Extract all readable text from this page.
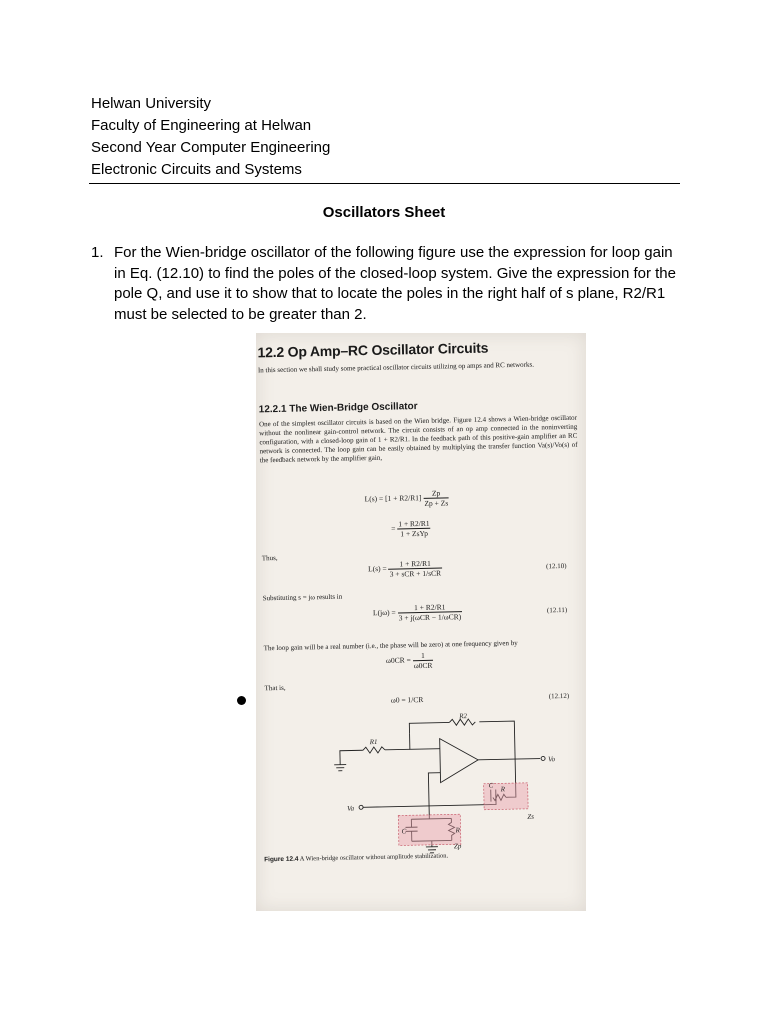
Helwan University
Faculty of Engineering at Helwan
Second Year Computer Engineering
Electronic Circuits and Systems
Oscillators Sheet
1. For the Wien-bridge oscillator of the following figure use the expression for loop gain in Eq. (12.10) to find the poles of the closed-loop system. Give the expression for the pole Q, and use it to show that to locate the poles in the right half of s plane, R2/R1 must be selected to be greater than 2.
12.2 Op Amp–RC Oscillator Circuits
In this section we shall study some practical oscillator circuits utilizing op amps and RC networks.
12.2.1 The Wien-Bridge Oscillator
One of the simplest oscillator circuits is based on the Wien bridge. Figure 12.4 shows a Wien-bridge oscillator without the nonlinear gain-control network. The circuit consists of an op amp connected in the noninverting configuration, with a closed-loop gain of 1 + R2/R1. In the feedback path of this positive-gain amplifier an RC network is connected. The loop gain can be easily obtained by multiplying the transfer function Va(s)/Vo(s) of the feedback network by the amplifier gain,
$L(s) = [1 + R2/R1] \frac{Zp}{Zp + Zs}$
= $\frac{1 + R2/R1}{\text{1 + ZsYp}}$
Thus,
$L(s) = \frac{1 + R2/R1}{\text{3 + sCR + 1/sCR}}$	(12.10)
Substituting s = jω results in
$L(j\omega) = \frac{1 + R2/R1}{\text{3 + j(ωCR − 1/ωCR)}}$	(12.11)
The loop gain will be a real number (i.e., the phase will be zero) at one frequency given by
$\omega 0CR = \frac{1}{\omega 0CR}$
That is,
ω0 = 1/CR	(12.12)
R2
R1
Vo
Va
C R
Zs
C	R
Zp
Figure 12.4 A Wien-bridge oscillator without amplitude stabilization.
